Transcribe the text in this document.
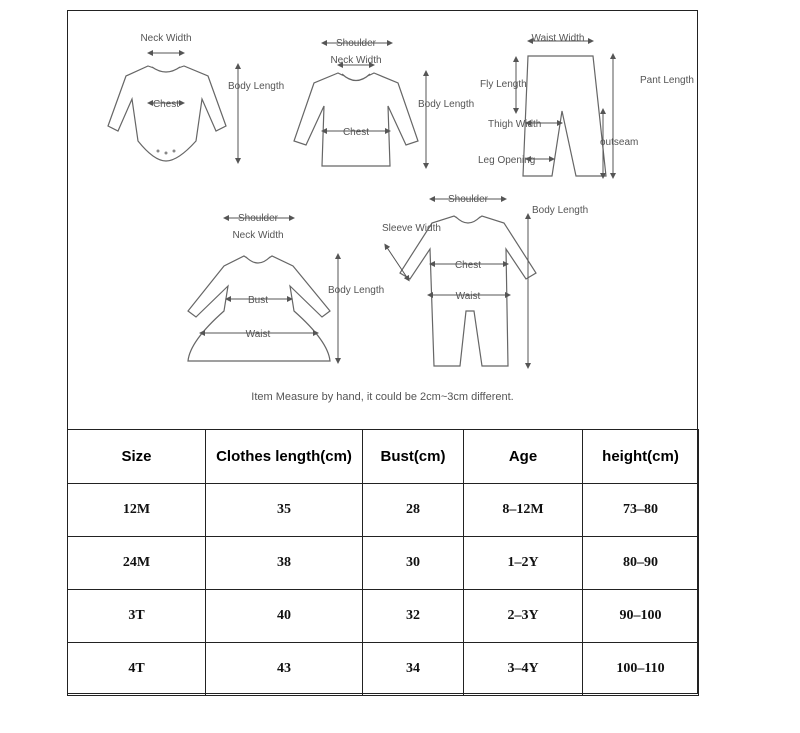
Neck Width
Chest
Body Length
Shoulder
Neck Width
Chest
Body Length
Waist Width
Fly Length	Pant Length
Thigh Width
outseam
Leg Opening
Shoulder
Neck Width
Bust
Waist
Body Length
Shoulder
Chest
Waist
Body Length
Sleeve Width
Item Measure by hand, it could be 2cm~3cm different.
Size	Clothes length(cm)	Bust(cm)	Age	height(cm)
12M	35	28	8–12M	73–80
24M	38	30	1–2Y	80–90
3T	40	32	2–3Y	90–100
4T	43	34	3–4Y	100–110
